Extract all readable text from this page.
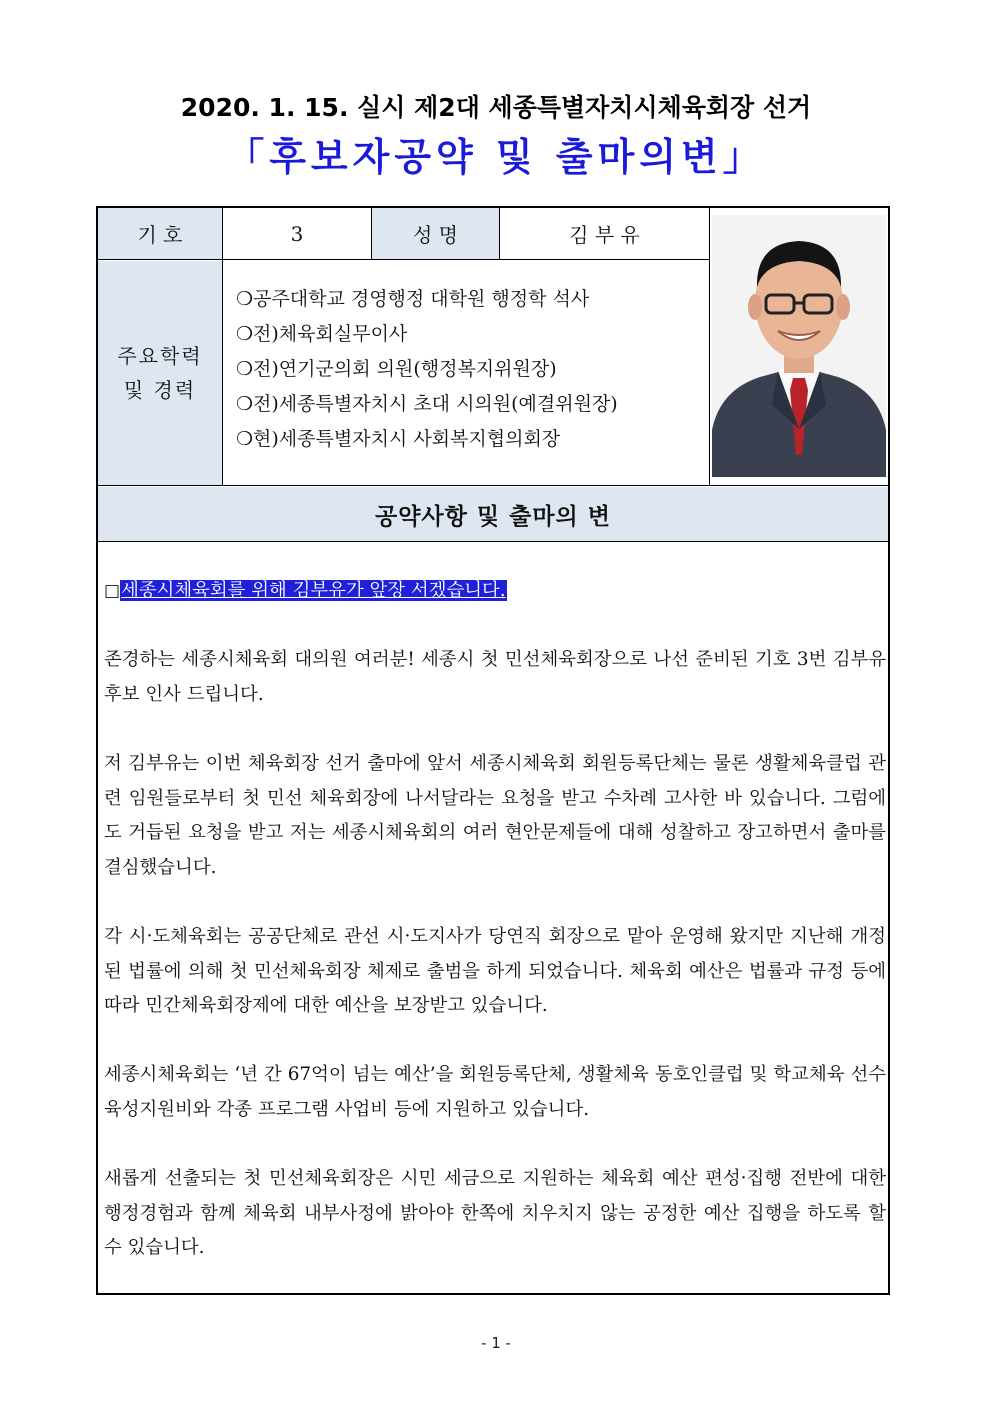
2020. 1. 15. 실시 제2대 세종특별자치시체육회장 선거
「후보자공약 및 출마의변」
기 호	3	성 명	김 부 유
주요학력
및 경력
❍공주대학교 경영행정 대학원 행정학 석사
❍전)체육회실무이사
❍전)연기군의회 의원(행정복지위원장)
❍전)세종특별자치시 초대 시의원(예결위원장)
❍현)세종특별자치시 사회복지협의회장
공약사항 및 출마의 변

□세종시체육회를 위해 김부유가 앞장 서겠습니다.

존경하는 세종시체육회 대의원 여러분! 세종시 첫 민선체육회장으로 나선 준비된 기호 3번 김부유 후보 인사 드립니다.

저 김부유는 이번 체육회장 선거 출마에 앞서 세종시체육회 회원등록단체는 물론 생활체육클럽 관련 임원들로부터 첫 민선 체육회장에 나서달라는 요청을 받고 수차례 고사한 바 있습니다. 그럼에도 거듭된 요청을 받고 저는 세종시체육회의 여러 현안문제들에 대해 성찰하고 장고하면서 출마를 결심했습니다.

각 시·도체육회는 공공단체로 관선 시·도지사가 당연직 회장으로 맡아 운영해 왔지만 지난해 개정된 법률에 의해 첫 민선체육회장 체제로 출범을 하게 되었습니다. 체육회 예산은 법률과 규정 등에 따라 민간체육회장제에 대한 예산을 보장받고 있습니다.

세종시체육회는 ‘년 간 67억이 넘는 예산’을 회원등록단체, 생활체육 동호인클럽 및 학교체육 선수 육성지원비와 각종 프로그램 사업비 등에 지원하고 있습니다.

새롭게 선출되는 첫 민선체육회장은 시민 세금으로 지원하는 체육회 예산 편성·집행 전반에 대한 행정경험과 함께 체육회 내부사정에 밝아야 한쪽에 치우치지 않는 공정한 예산 집행을 하도록 할 수 있습니다.

- 1 -
